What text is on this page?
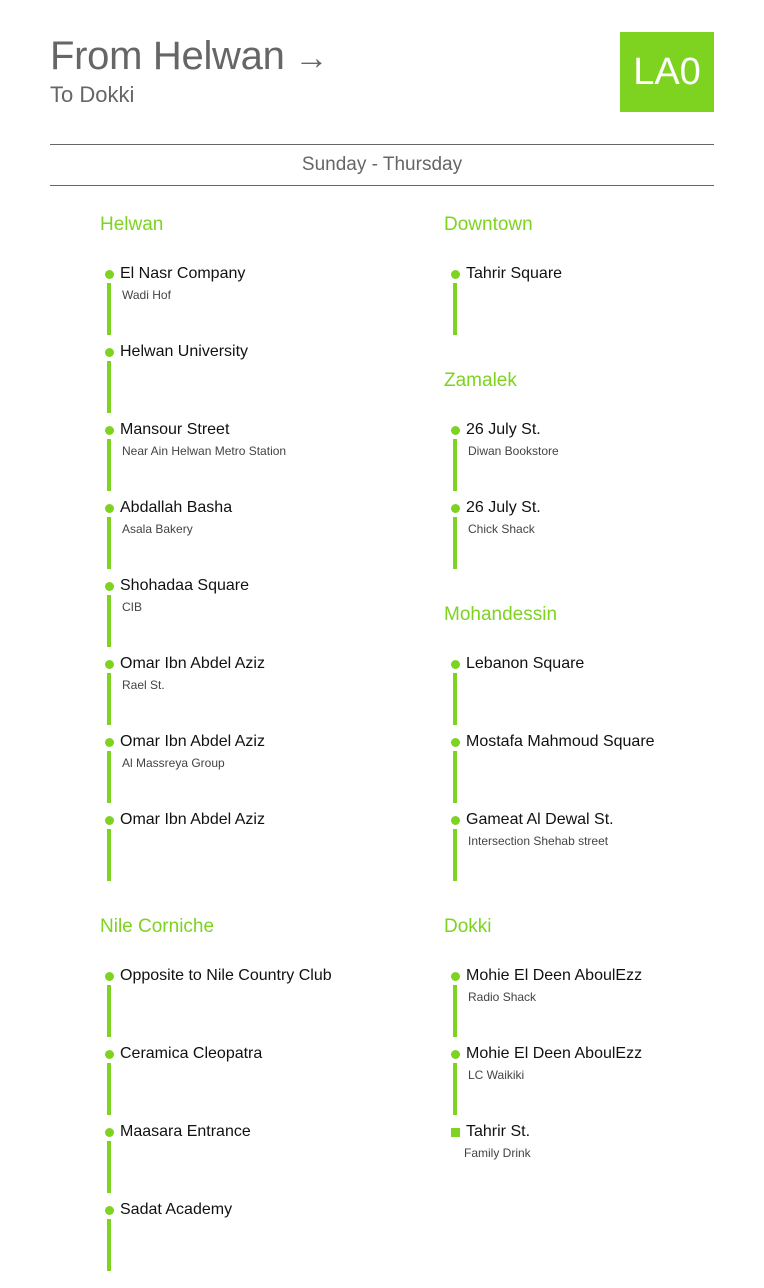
From Helwan →
To Dokki
LA0
Sunday - Thursday
Helwan
El Nasr Company
Wadi Hof
Helwan University
Mansour Street
Near Ain Helwan Metro Station
Abdallah Basha
Asala Bakery
Shohadaa Square
CIB
Omar Ibn Abdel Aziz
Rael St.
Omar Ibn Abdel Aziz
Al Massreya Group
Omar Ibn Abdel Aziz
Downtown
Tahrir Square
Zamalek
26 July St.
Diwan Bookstore
26 July St.
Chick Shack
Mohandessin
Lebanon Square
Mostafa Mahmoud Square
Gameat Al Dewal St.
Intersection Shehab street
Nile Corniche
Opposite to Nile Country Club
Ceramica Cleopatra
Maasara Entrance
Sadat Academy
Dokki
Mohie El Deen AboulEzz
Radio Shack
Mohie El Deen AboulEzz
LC Waikiki
Tahrir St.
Family Drink
